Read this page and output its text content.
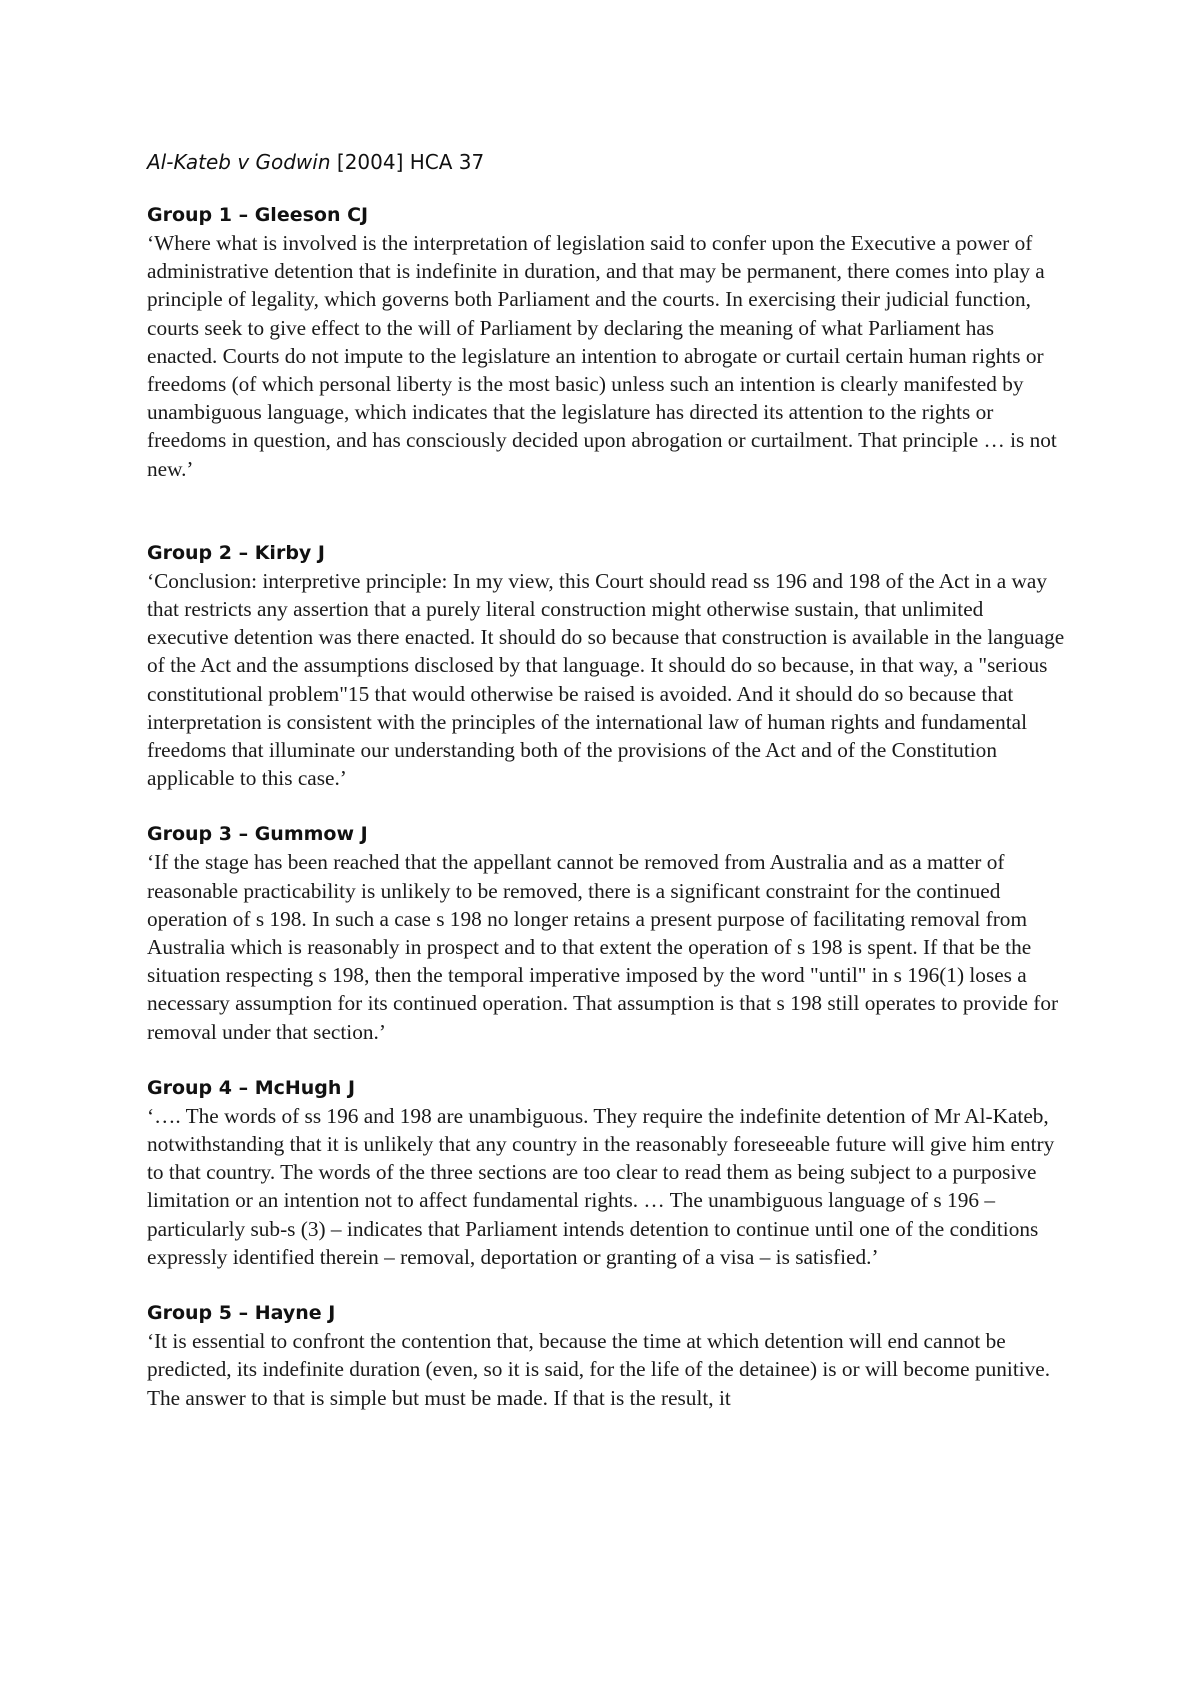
Al-Kateb v Godwin [2004] HCA 37

Group 1 – Gleeson CJ

‘Where what is involved is the interpretation of legislation said to confer upon the Executive a power of administrative detention that is indefinite in duration, and that may be permanent, there comes into play a principle of legality, which governs both Parliament and the courts. In exercising their judicial function, courts seek to give effect to the will of Parliament by declaring the meaning of what Parliament has enacted. Courts do not impute to the legislature an intention to abrogate or curtail certain human rights or freedoms (of which personal liberty is the most basic) unless such an intention is clearly manifested by unambiguous language, which indicates that the legislature has directed its attention to the rights or freedoms in question, and has consciously decided upon abrogation or curtailment. That principle … is not new.’

Group 2 – Kirby J

‘Conclusion: interpretive principle: In my view, this Court should read ss 196 and 198 of the Act in a way that restricts any assertion that a purely literal construction might otherwise sustain, that unlimited executive detention was there enacted. It should do so because that construction is available in the language of the Act and the assumptions disclosed by that language. It should do so because, in that way, a "serious constitutional problem"15 that would otherwise be raised is avoided. And it should do so because that interpretation is consistent with the principles of the international law of human rights and fundamental freedoms that illuminate our understanding both of the provisions of the Act and of the Constitution applicable to this case.’

Group 3 – Gummow J

‘If the stage has been reached that the appellant cannot be removed from Australia and as a matter of reasonable practicability is unlikely to be removed, there is a significant constraint for the continued operation of s 198. In such a case s 198 no longer retains a present purpose of facilitating removal from Australia which is reasonably in prospect and to that extent the operation of s 198 is spent. If that be the situation respecting s 198, then the temporal imperative imposed by the word "until" in s 196(1) loses a necessary assumption for its continued operation. That assumption is that s 198 still operates to provide for removal under that section.’

Group 4 – McHugh J

‘…. The words of ss 196 and 198 are unambiguous. They require the indefinite detention of Mr Al-Kateb, notwithstanding that it is unlikely that any country in the reasonably foreseeable future will give him entry to that country. The words of the three sections are too clear to read them as being subject to a purposive limitation or an intention not to affect fundamental rights. … The unambiguous language of s 196 – particularly sub-s (3) – indicates that Parliament intends detention to continue until one of the conditions expressly identified therein – removal, deportation or granting of a visa – is satisfied.’

Group 5 – Hayne J

‘It is essential to confront the contention that, because the time at which detention will end cannot be predicted, its indefinite duration (even, so it is said, for the life of the detainee) is or will become punitive. The answer to that is simple but must be made. If that is the result, it
